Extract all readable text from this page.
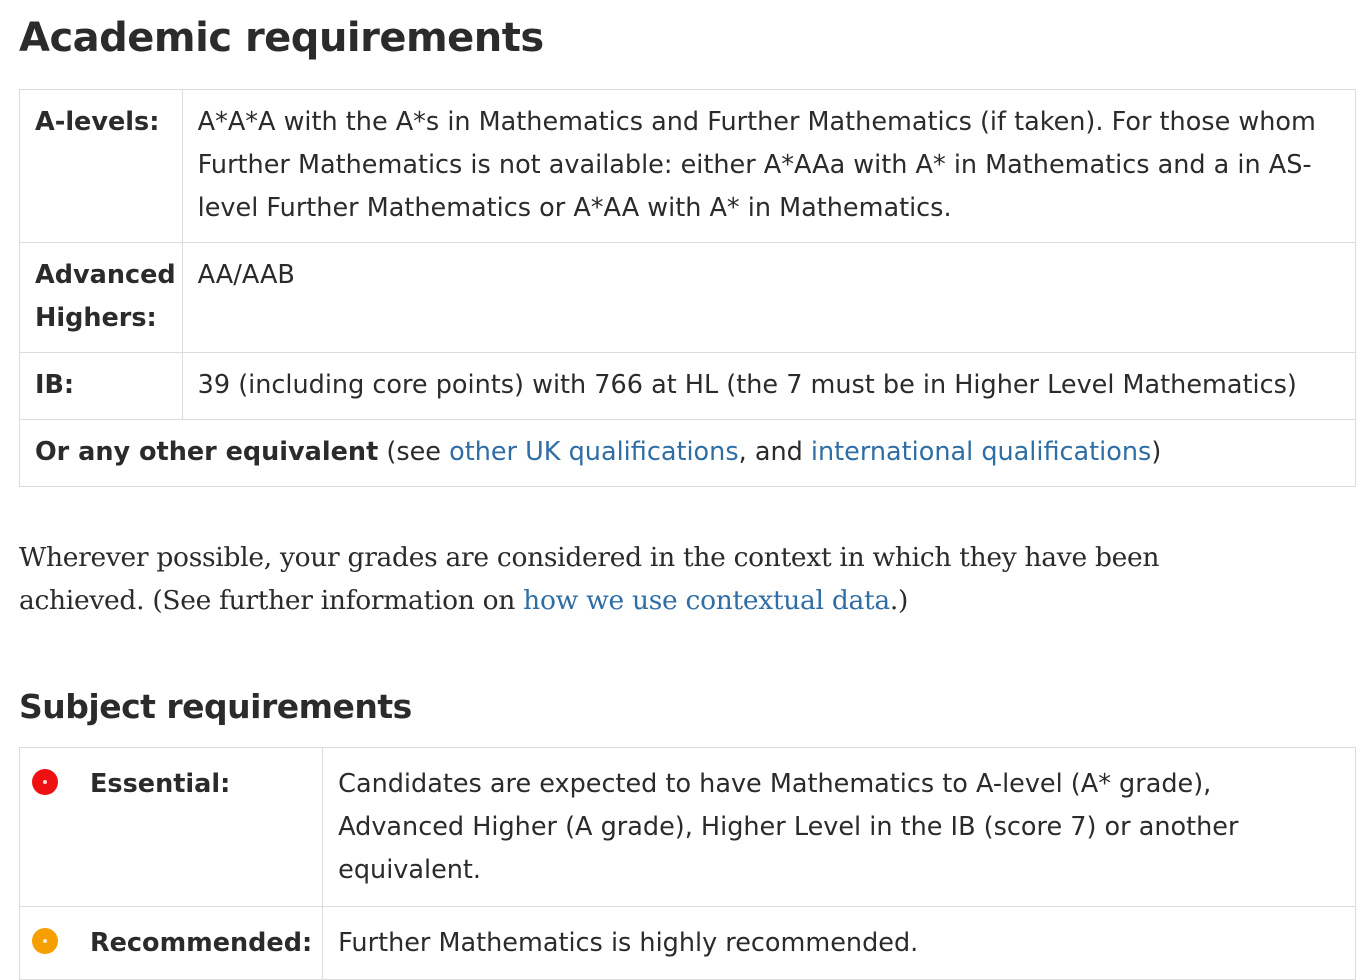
Academic requirements
A-levels:	A*A*A with the A*s in Mathematics and Further Mathematics (if taken). For those whom Further Mathematics is not available: either A*AAa with A* in Mathematics and a in AS-level Further Mathematics or A*AA with A* in Mathematics.
Advanced Highers:	AA/AAB
IB:	39 (including core points) with 766 at HL (the 7 must be in Higher Level Mathematics)
Or any other equivalent (see other UK qualifications, and international qualifications)	

Wherever possible, your grades are considered in the context in which they have been achieved. (See further information on how we use contextual data.)

Subject requirements
Essential:	Candidates are expected to have Mathematics to A-level (A* grade), Advanced Higher (A grade), Higher Level in the IB (score 7) or another equivalent.
Recommended:	Further Mathematics is highly recommended.
